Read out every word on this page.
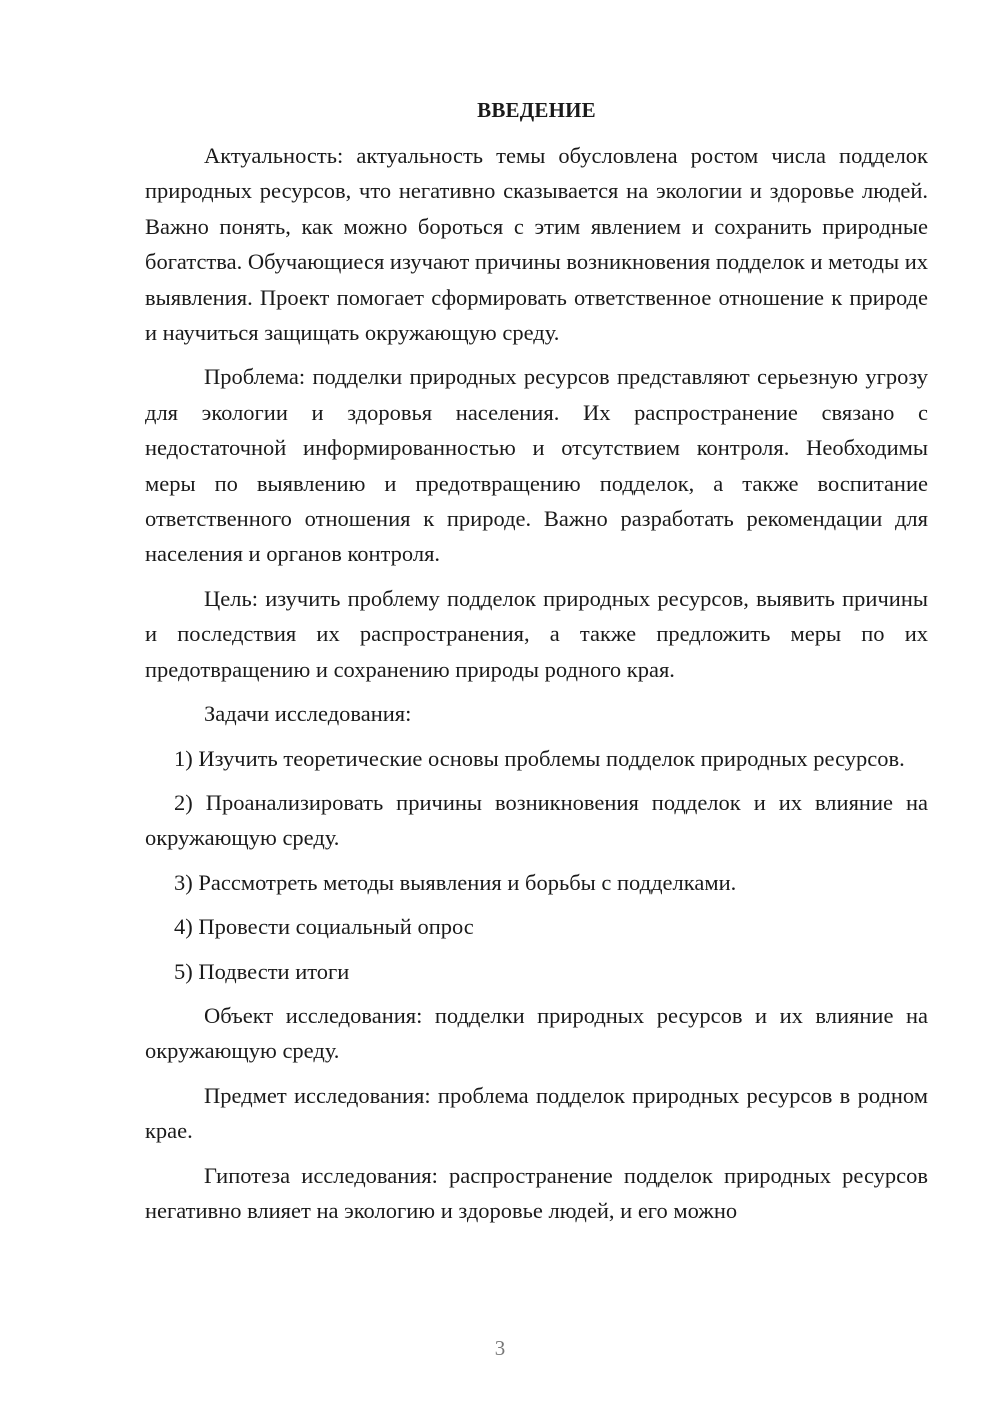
ВВЕДЕНИЕ

Актуальность: актуальность темы обусловлена ростом числа подделок природных ресурсов, что негативно сказывается на экологии и здоровье людей. Важно понять, как можно бороться с этим явлением и сохранить природные богатства. Обучающиеся изучают причины возникновения подделок и методы их выявления. Проект помогает сформировать ответственное отношение к природе и научиться защищать окружающую среду.

Проблема: подделки природных ресурсов представляют серьезную угрозу для экологии и здоровья населения. Их распространение связано с недостаточной информированностью и отсутствием контроля. Необходимы меры по выявлению и предотвращению подделок, а также воспитание ответственного отношения к природе. Важно разработать рекомендации для населения и органов контроля.

Цель: изучить проблему подделок природных ресурсов, выявить причины и последствия их распространения, а также предложить меры по их предотвращению и сохранению природы родного края.

Задачи исследования:

1) Изучить теоретические основы проблемы подделок природных ресурсов.

2) Проанализировать причины возникновения подделок и их влияние на окружающую среду.

3) Рассмотреть методы выявления и борьбы с подделками.

4) Провести социальный опрос

5) Подвести итоги

Объект исследования: подделки природных ресурсов и их влияние на окружающую среду.

Предмет исследования: проблема подделок природных ресурсов в родном крае.

Гипотеза исследования: распространение подделок природных ресурсов негативно влияет на экологию и здоровье людей, и его можно

3
